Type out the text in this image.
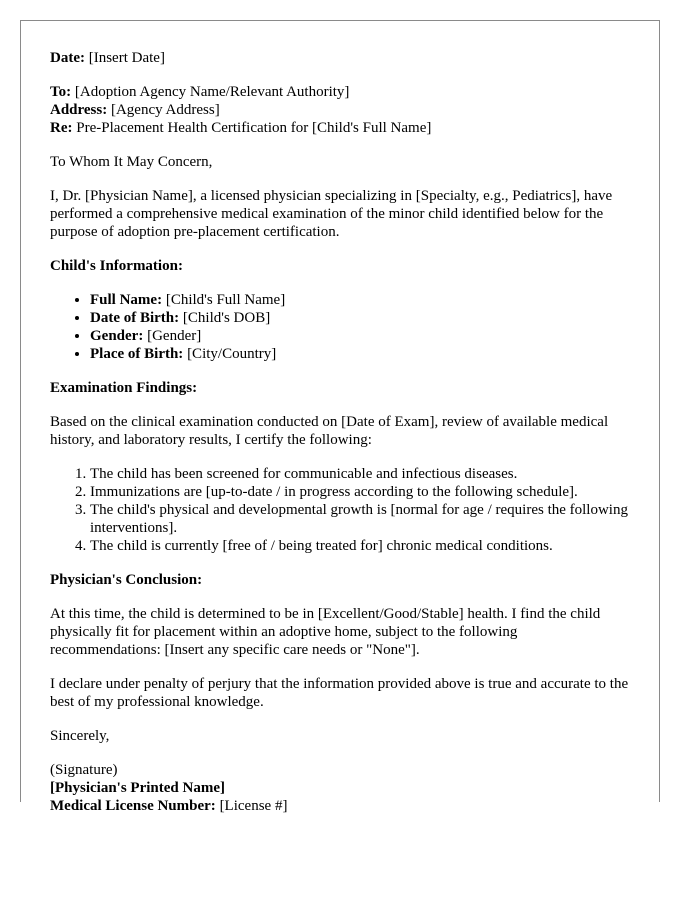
Date: [Insert Date]
To: [Adoption Agency Name/Relevant Authority]
Address: [Agency Address]
Re: Pre-Placement Health Certification for [Child's Full Name]

To Whom It May Concern,

I, Dr. [Physician Name], a licensed physician specializing in [Specialty, e.g., Pediatrics], have performed a comprehensive medical examination of the minor child identified below for the purpose of adoption pre-placement certification.

Child's Information:
• Full Name: [Child's Full Name]
• Date of Birth: [Child's DOB]
• Gender: [Gender]
• Place of Birth: [City/Country]
Examination Findings:

Based on the clinical examination conducted on [Date of Exam], review of available medical history, and laboratory results, I certify the following:

1. The child has been screened for communicable and infectious diseases.
2. Immunizations are [up-to-date / in progress according to the following schedule].
3. The child's physical and developmental growth is [normal for age / requires the following interventions].
4. The child is currently [free of / being treated for] chronic medical conditions.
Physician's Conclusion:

At this time, the child is determined to be in [Excellent/Good/Stable] health. I find the child physically fit for placement within an adoptive home, subject to the following recommendations: [Insert any specific care needs or "None"].

I declare under penalty of perjury that the information provided above is true and accurate to the best of my professional knowledge.

Sincerely,

(Signature)
[Physician's Printed Name]
Medical License Number: [License #]
